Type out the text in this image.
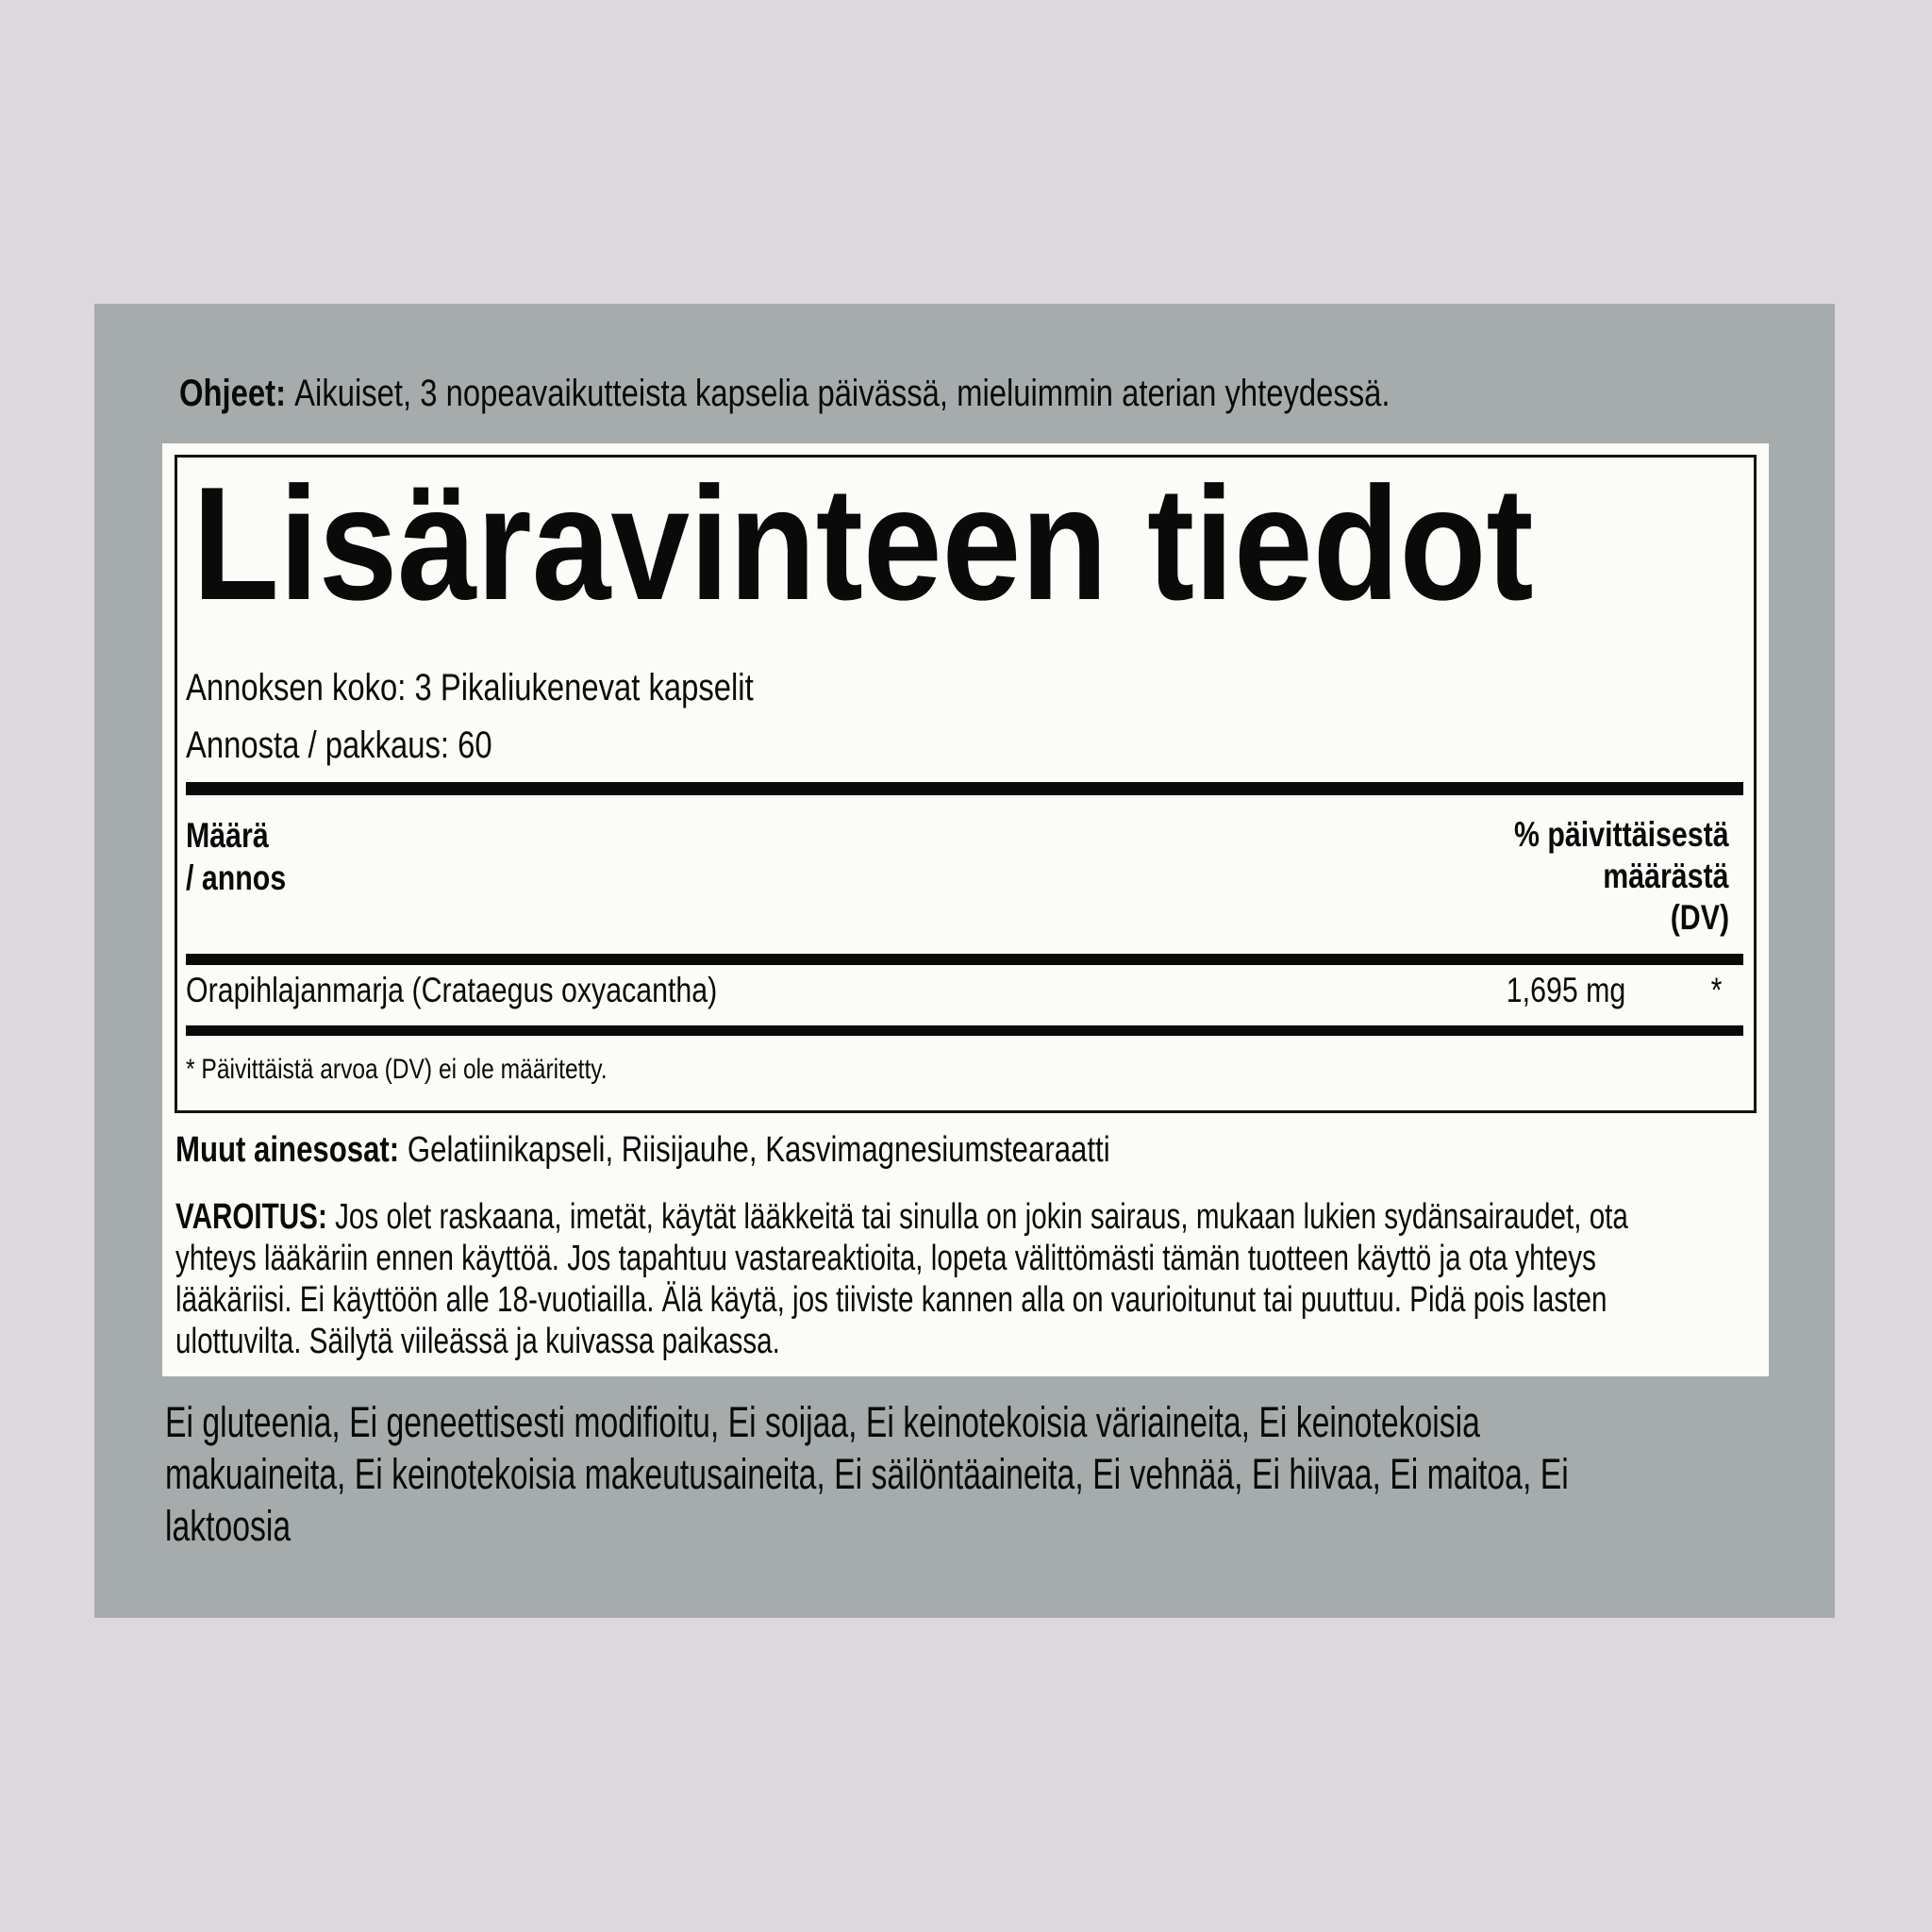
Ohjeet: Aikuiset, 3 nopeavaikutteista kapselia päivässä, mieluimmin aterian yhteydessä.
Lisäravinteen tiedot
Annoksen koko: 3 Pikaliukenevat kapselit
Annosta / pakkaus: 60
Määrä
/ annos
% päivittäisestä
määrästä
(DV)
Orapihlajanmarja (Crataegus oxyacantha)	1,695 mg *
* Päivittäistä arvoa (DV) ei ole määritetty.
Muut ainesosat: Gelatiinikapseli, Riisijauhe, Kasvimagnesiumstearaatti
VAROITUS: Jos olet raskaana, imetät, käytät lääkkeitä tai sinulla on jokin sairaus, mukaan lukien sydänsairaudet, ota
yhteys lääkäriin ennen käyttöä. Jos tapahtuu vastareaktioita, lopeta välittömästi tämän tuotteen käyttö ja ota yhteys
lääkäriisi. Ei käyttöön alle 18-vuotiailla. Älä käytä, jos tiiviste kannen alla on vaurioitunut tai puuttuu. Pidä pois lasten
ulottuvilta. Säilytä viileässä ja kuivassa paikassa.
Ei gluteenia, Ei geneettisesti modifioitu, Ei soijaa, Ei keinotekoisia väriaineita, Ei keinotekoisia
makuaineita, Ei keinotekoisia makeutusaineita, Ei säilöntäaineita, Ei vehnää, Ei hiivaa, Ei maitoa, Ei
laktoosia
